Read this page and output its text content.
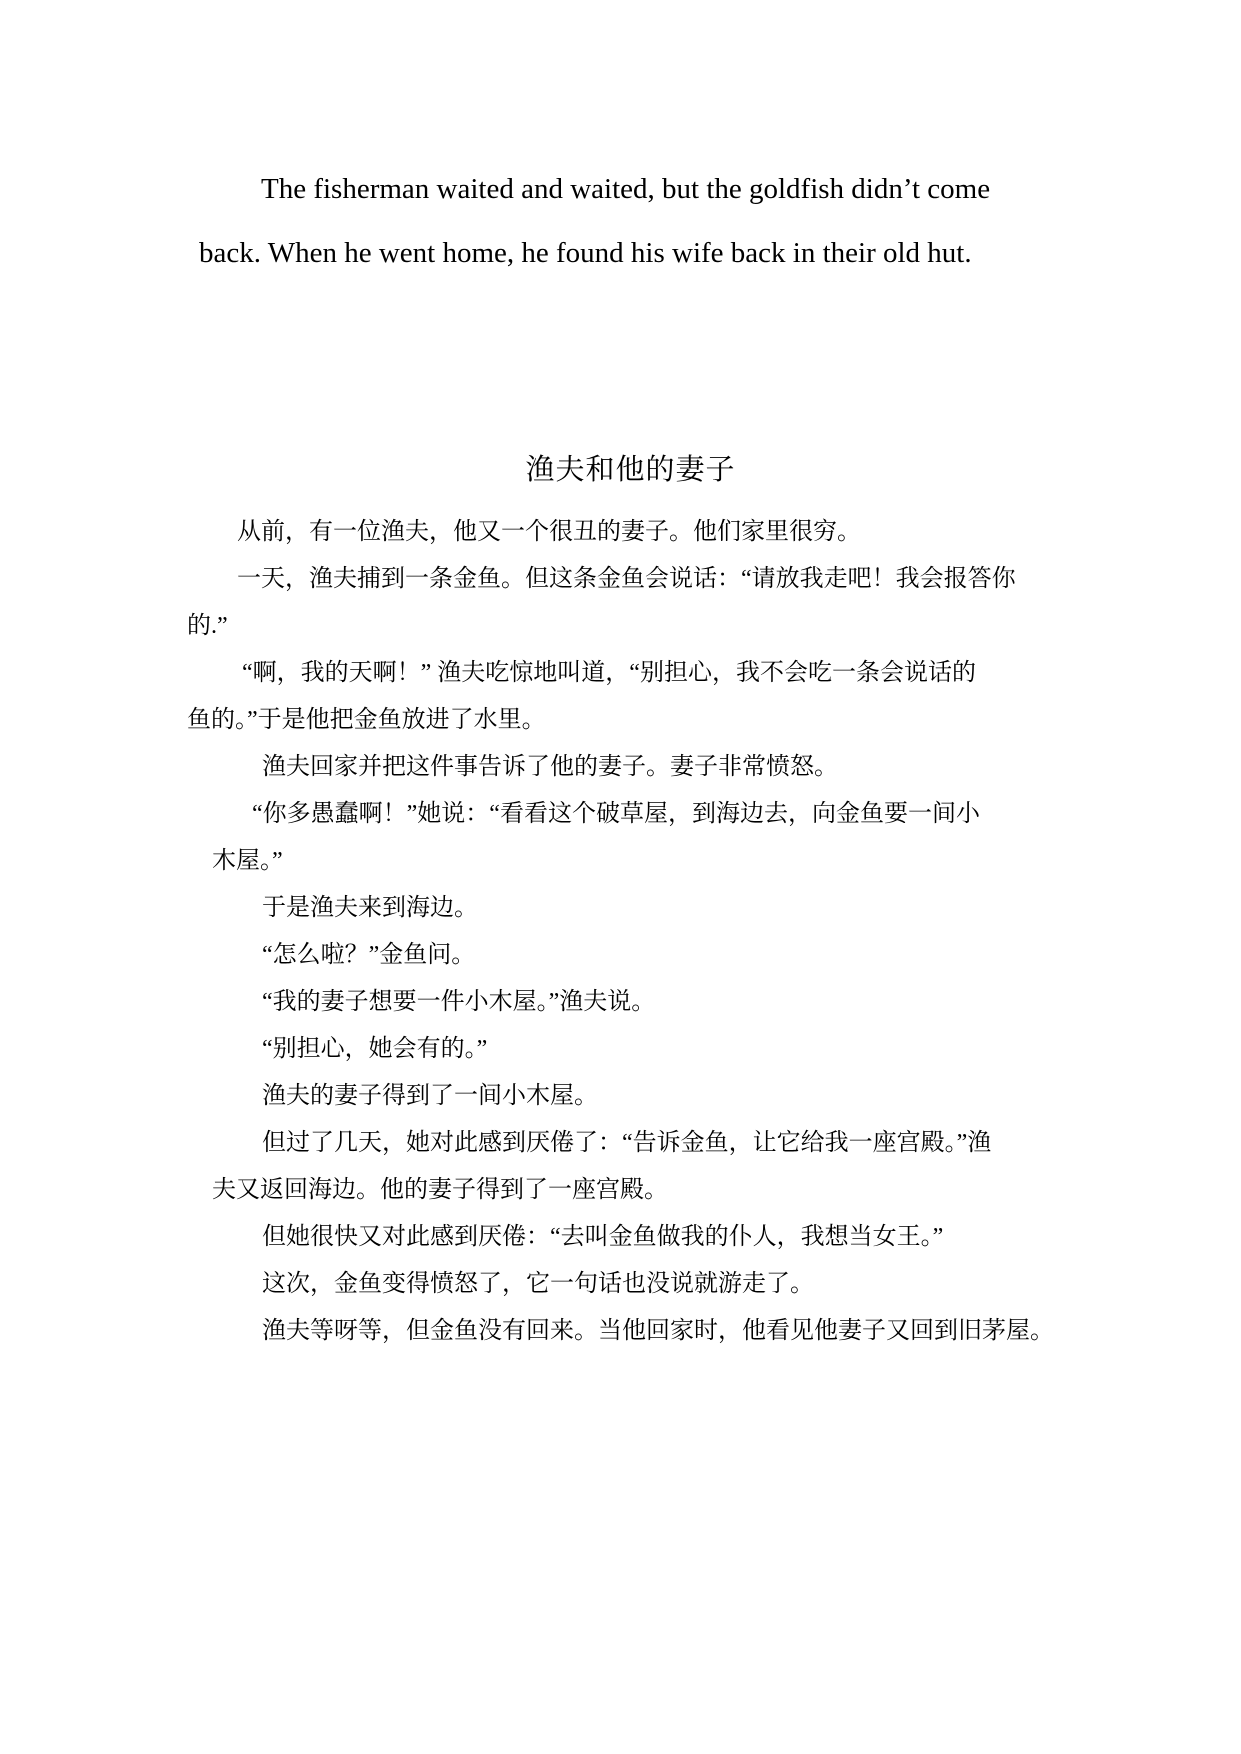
The fisherman waited and waited, but the goldfish didn’t come
back. When he went home, he found his wife back in their old hut.

渔夫和他的妻子

从前，有一位渔夫，他又一个很丑的妻子。他们家里很穷。

一天，渔夫捕到一条金鱼。但这条金鱼会说话：“请放我走吧！我会报答你

的.”

“啊，我的天啊！” 渔夫吃惊地叫道，“别担心，我不会吃一条会说话的

鱼的。”于是他把金鱼放进了水里。

渔夫回家并把这件事告诉了他的妻子。妻子非常愤怒。

“你多愚蠢啊！”她说：“看看这个破草屋，到海边去，向金鱼要一间小

木屋。”

于是渔夫来到海边。

“怎么啦？”金鱼问。

“我的妻子想要一件小木屋。”渔夫说。

“别担心，她会有的。”

渔夫的妻子得到了一间小木屋。

但过了几天，她对此感到厌倦了：“告诉金鱼，让它给我一座宫殿。”渔

夫又返回海边。他的妻子得到了一座宫殿。

但她很快又对此感到厌倦：“去叫金鱼做我的仆人，我想当女王。”

这次，金鱼变得愤怒了，它一句话也没说就游走了。

渔夫等呀等，但金鱼没有回来。当他回家时，他看见他妻子又回到旧茅屋。
